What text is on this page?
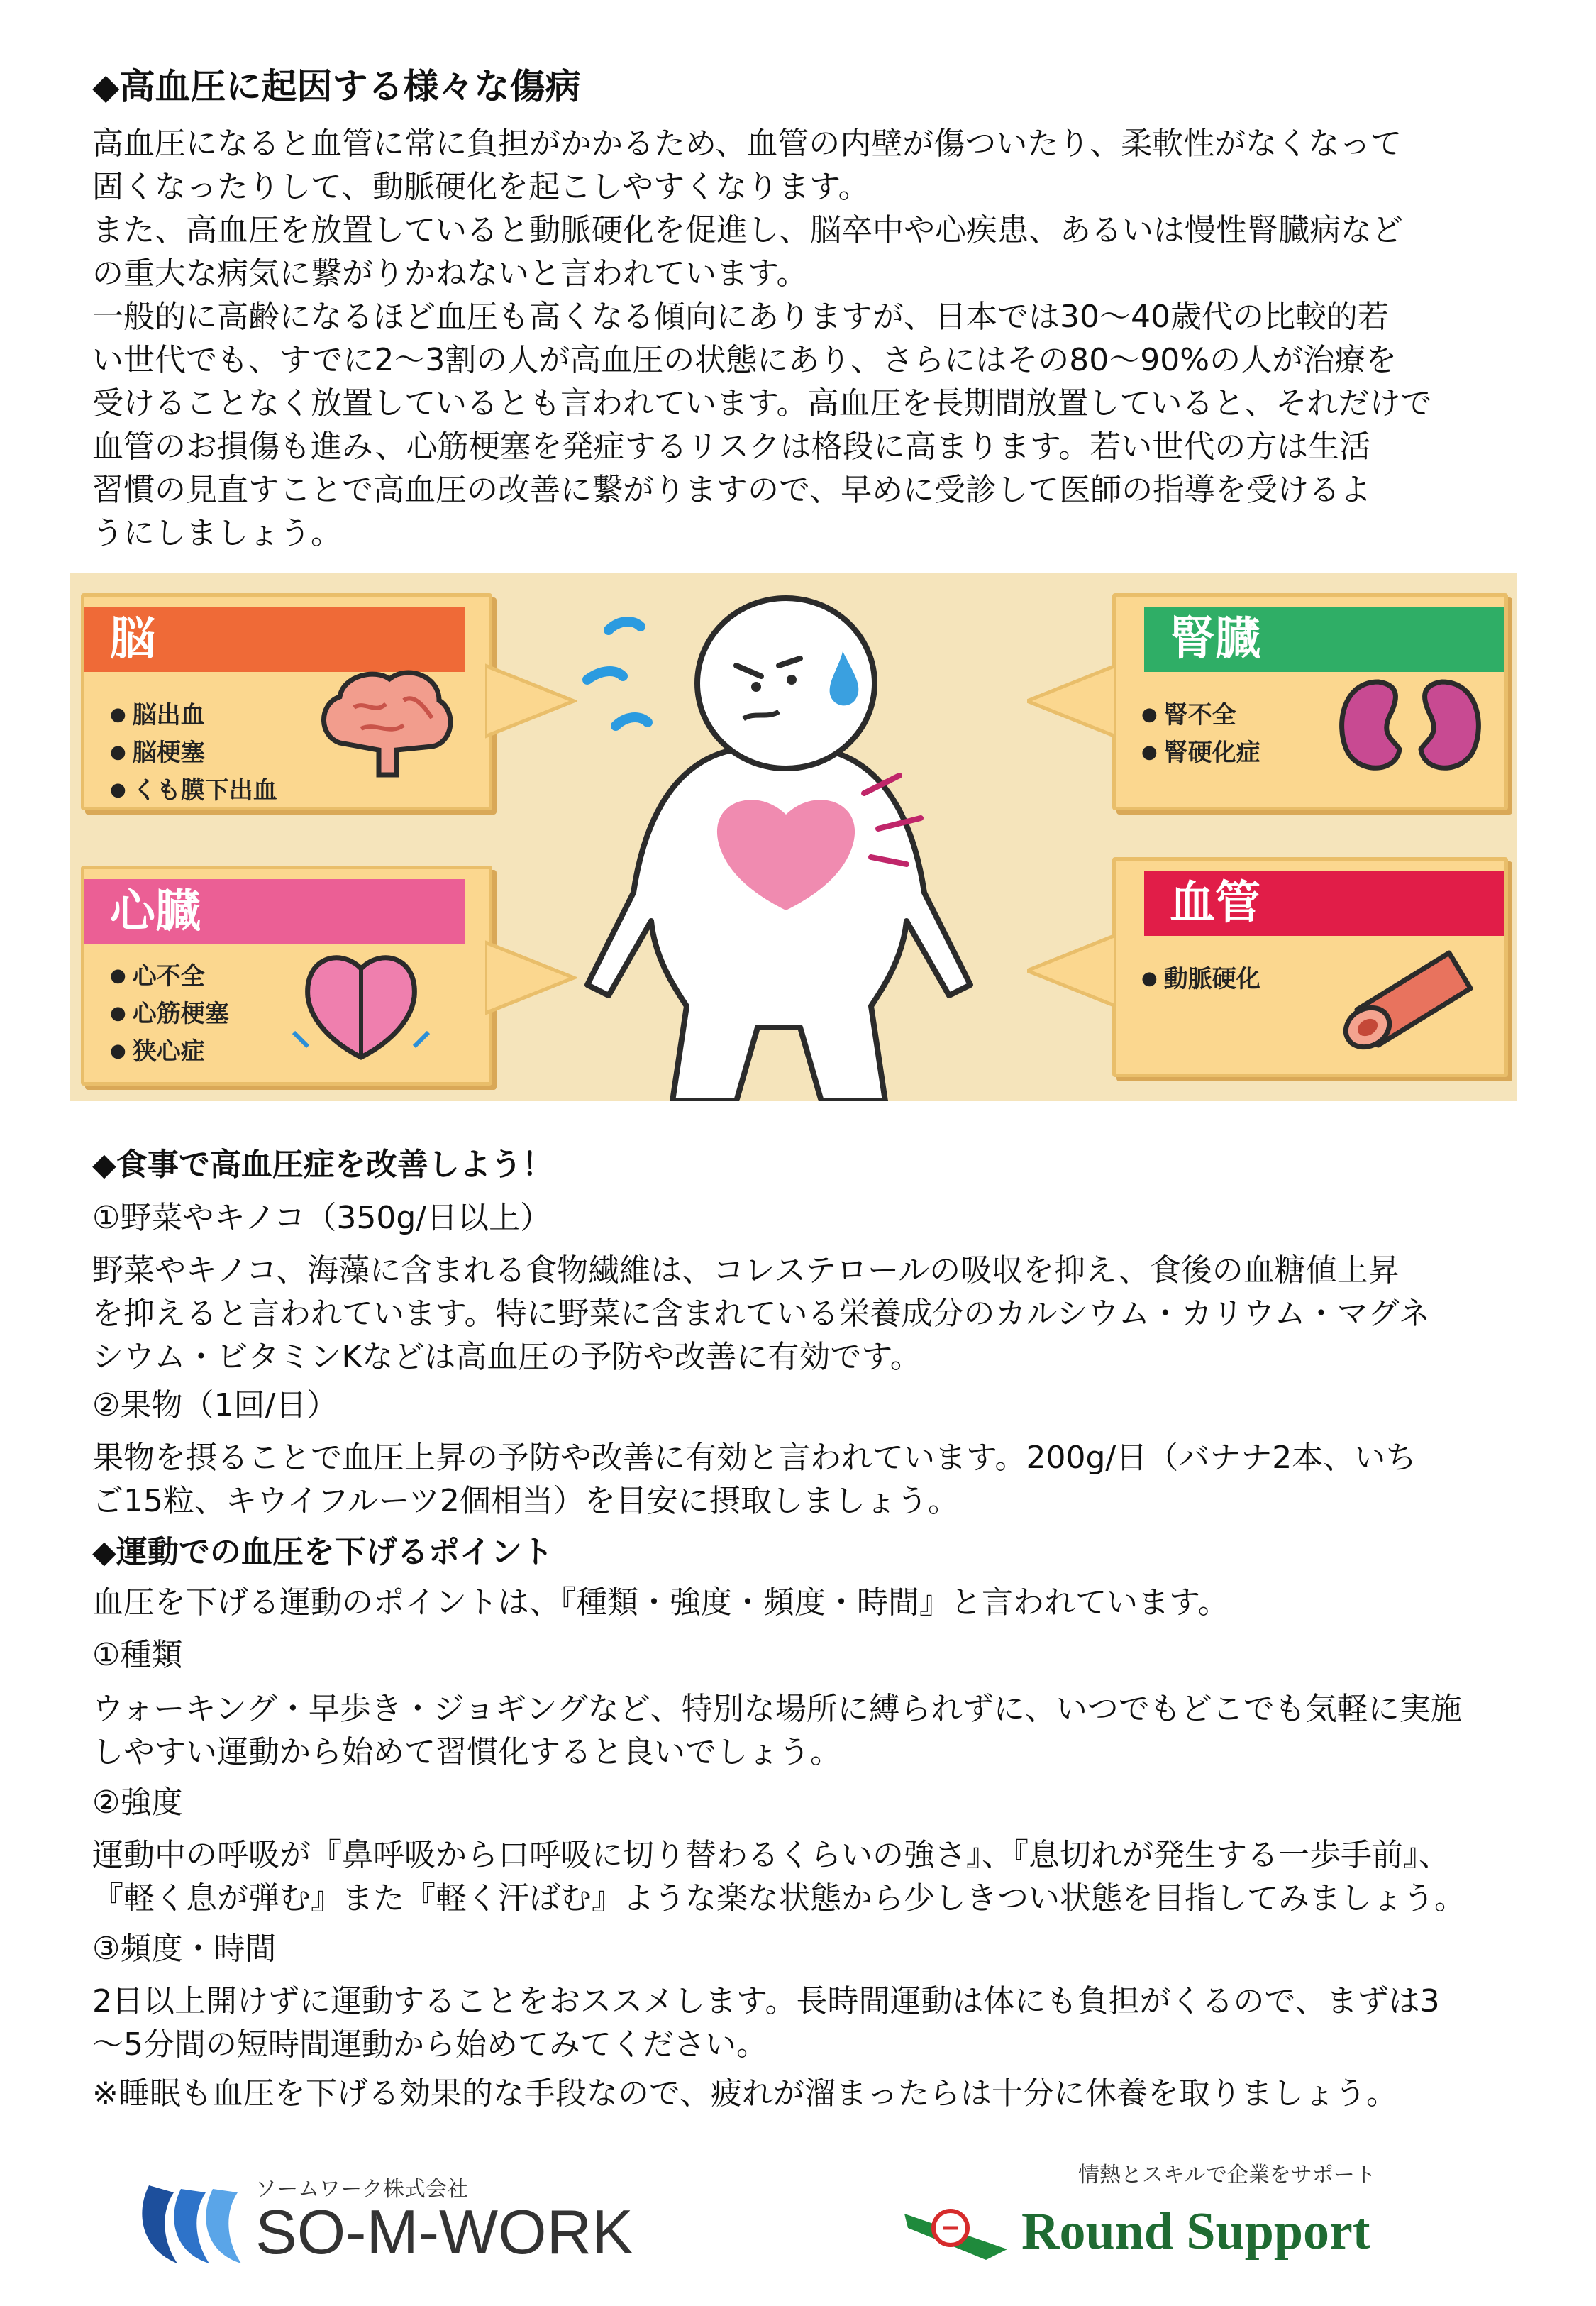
◆高血圧に起因する様々な傷病
高血圧になると血管に常に負担がかかるため、血管の内壁が傷ついたり、柔軟性がなくなって
固くなったりして、動脈硬化を起こしやすくなります。
また、高血圧を放置していると動脈硬化を促進し、脳卒中や心疾患、あるいは慢性腎臓病など
の重大な病気に繋がりかねないと言われています。
一般的に高齢になるほど血圧も高くなる傾向にありますが、日本では30～40歳代の比較的若
い世代でも、すでに2～3割の人が高血圧の状態にあり、さらにはその80～90%の人が治療を
受けることなく放置しているとも言われています。高血圧を長期間放置していると、それだけで
血管のお損傷も進み、心筋梗塞を発症するリスクは格段に高まります。若い世代の方は生活
習慣の見直すことで高血圧の改善に繋がりますので、早めに受診して医師の指導を受けるよ
うにしましょう。
脳
● 脳出血
● 脳梗塞
● くも膜下出血
心臓
● 心不全
● 心筋梗塞
● 狭心症
腎臓
● 腎不全
● 腎硬化症
血管
● 動脈硬化
◆食事で高血圧症を改善しよう！
①野菜やキノコ（350g/日以上）
野菜やキノコ、海藻に含まれる食物繊維は、コレステロールの吸収を抑え、食後の血糖値上昇
を抑えると言われています。特に野菜に含まれている栄養成分のカルシウム・カリウム・マグネ
シウム・ビタミンKなどは高血圧の予防や改善に有効です。
②果物（1回/日）
果物を摂ることで血圧上昇の予防や改善に有効と言われています。200g/日（バナナ2本、いち
ご15粒、キウイフルーツ2個相当）を目安に摂取しましょう。
◆運動での血圧を下げるポイント
血圧を下げる運動のポイントは、『種類・強度・頻度・時間』と言われています。
①種類
ウォーキング・早歩き・ジョギングなど、特別な場所に縛られずに、いつでもどこでも気軽に実施
しやすい運動から始めて習慣化すると良いでしょう。
②強度
運動中の呼吸が『鼻呼吸から口呼吸に切り替わるくらいの強さ』、『息切れが発生する一歩手前』、
『軽く息が弾む』また『軽く汗ばむ』ような楽な状態から少しきつい状態を目指してみましょう。
③頻度・時間
2日以上開けずに運動することをおススメします。長時間運動は体にも負担がくるので、まずは3
～5分間の短時間運動から始めてみてください。
※睡眠も血圧を下げる効果的な手段なので、疲れが溜まったらは十分に休養を取りましょう。
ソームワーク株式会社
SO-M-WORK
情熱とスキルで企業をサポート
Round Support
